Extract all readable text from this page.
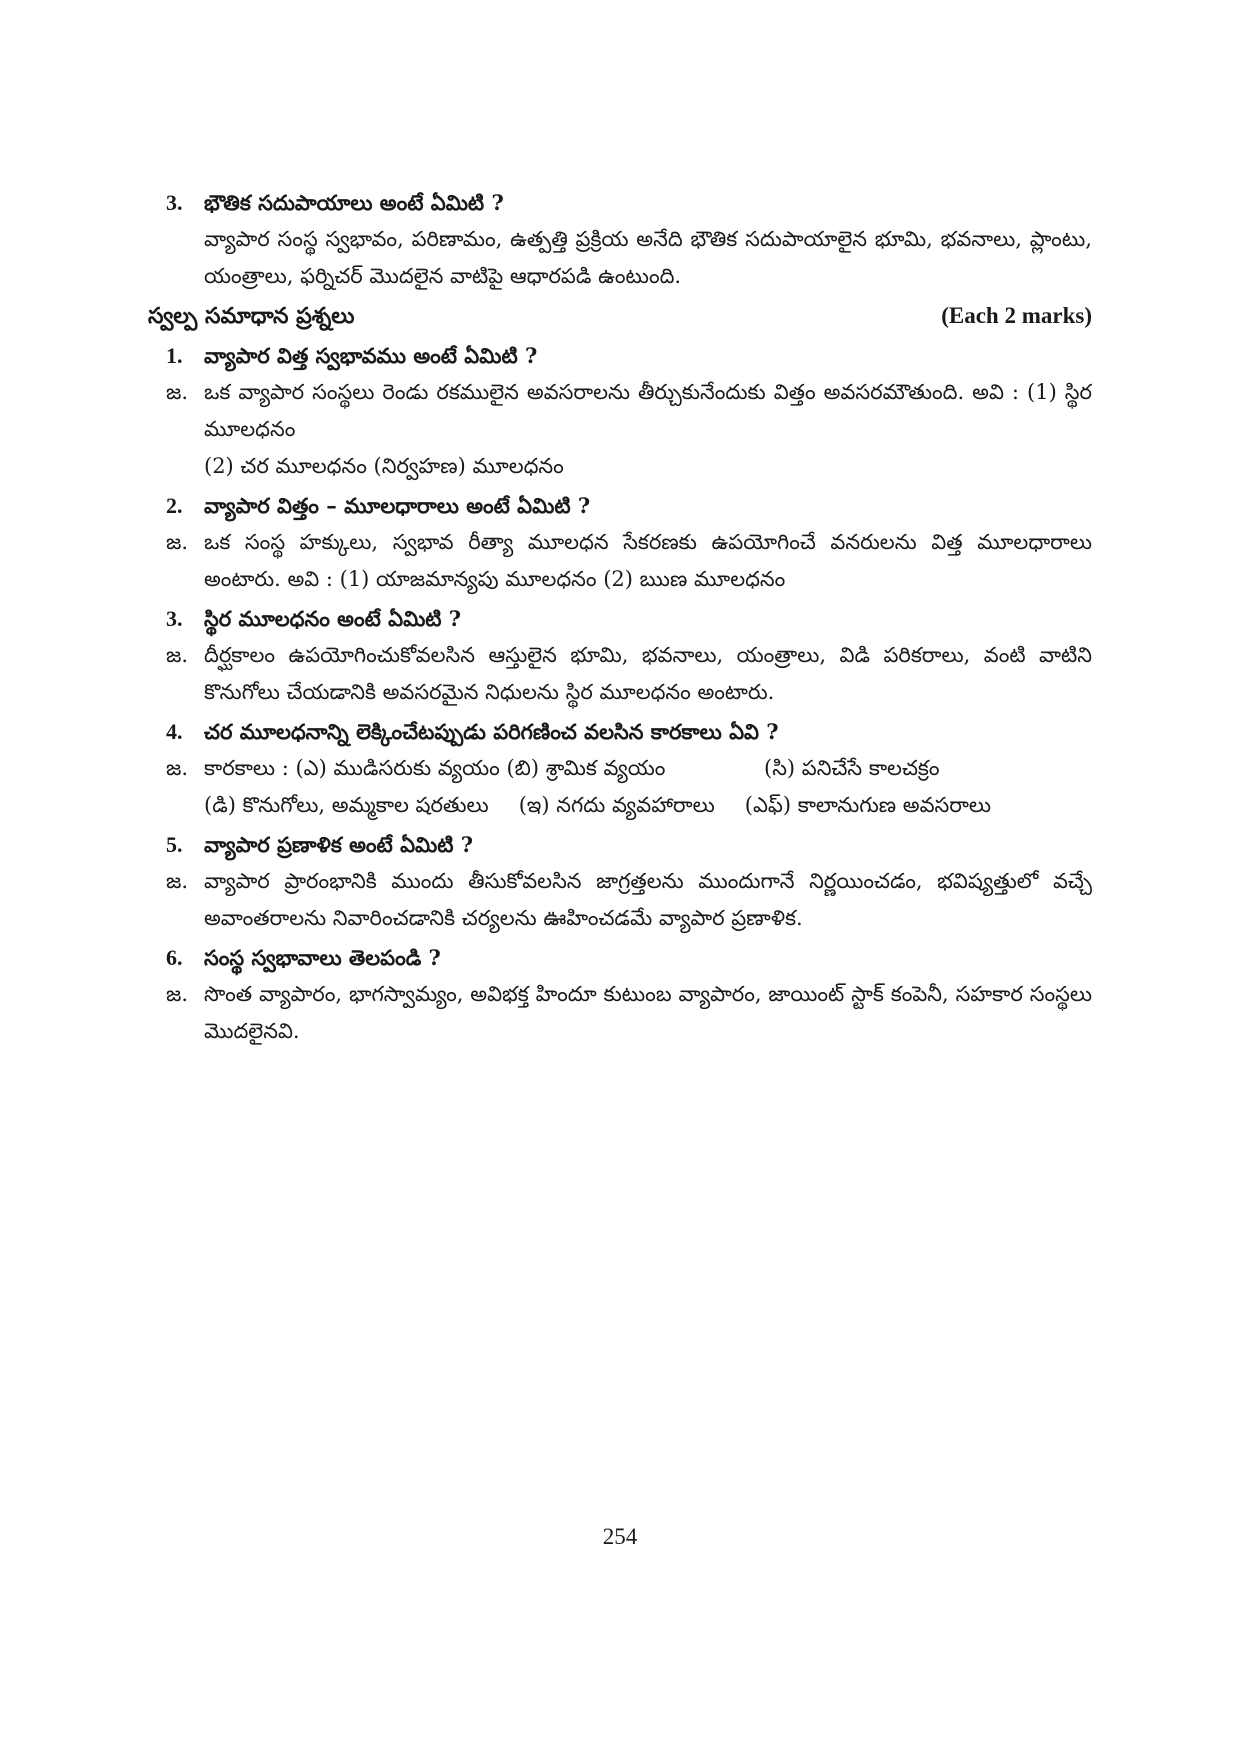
3.	భౌతిక సదుపాయాలు అంటే ఏమిటి ?
వ్యాపార సంస్థ స్వభావం, పరిణామం, ఉత్పత్తి ప్రక్రియ అనేది భౌతిక సదుపాయాలైన భూమి, భవనాలు, ప్లాంటు, యంత్రాలు, ఫర్నిచర్ మొదలైన వాటిపై ఆధారపడి ఉంటుంది.
స్వల్ప సమాధాన ప్రశ్నలు	(Each 2 marks)
1.	వ్యాపార విత్త స్వభావము అంటే ఏమిటి ?
జ. ఒక వ్యాపార సంస్థలు రెండు రకములైన అవసరాలను తీర్చుకునేందుకు విత్తం అవసరమౌతుంది. అవి : (1) స్థిర మూలధనం
(2) చర మూలధనం (నిర్వహణ) మూలధనం
2.	వ్యాపార విత్తం – మూలధారాలు అంటే ఏమిటి ?
జ. ఒక సంస్థ హక్కులు, స్వభావ రీత్యా మూలధన సేకరణకు ఉపయోగించే వనరులను విత్త మూలధారాలు అంటారు. అవి : (1) యాజమాన్యపు మూలధనం (2) ఋణ మూలధనం
3.	స్థిర మూలధనం అంటే ఏమిటి ?
జ. దీర్ఘకాలం ఉపయోగించుకోవలసిన ఆస్తులైన భూమి, భవనాలు, యంత్రాలు, విడి పరికరాలు, వంటి వాటిని కొనుగోలు చేయడానికి అవసరమైన నిధులను స్థిర మూలధనం అంటారు.
4.	చర మూలధనాన్ని లెక్కించేటప్పుడు పరిగణించ వలసిన కారకాలు ఏవి ?
జ. కారకాలు : (ఎ) ముడిసరుకు వ్యయం (బి) శ్రామిక వ్యయం	(సి) పనిచేసే కాలచక్రం
(డి) కొనుగోలు, అమ్మకాల షరతులు (ఇ) నగదు వ్యవహారాలు (ఎఫ్) కాలానుగుణ అవసరాలు
5.	వ్యాపార ప్రణాళిక అంటే ఏమిటి ?
జ. వ్యాపార ప్రారంభానికి ముందు తీసుకోవలసిన జాగ్రత్తలను ముందుగానే నిర్ణయించడం, భవిష్యత్తులో వచ్చే అవాంతరాలను నివారించడానికి చర్యలను ఊహించడమే వ్యాపార ప్రణాళిక.
6.	సంస్థ స్వభావాలు తెలపండి ?
జ. సొంత వ్యాపారం, భాగస్వామ్యం, అవిభక్త హిందూ కుటుంబ వ్యాపారం, జాయింట్ స్టాక్ కంపెనీ, సహకార సంస్థలు మొదలైనవి.
254
